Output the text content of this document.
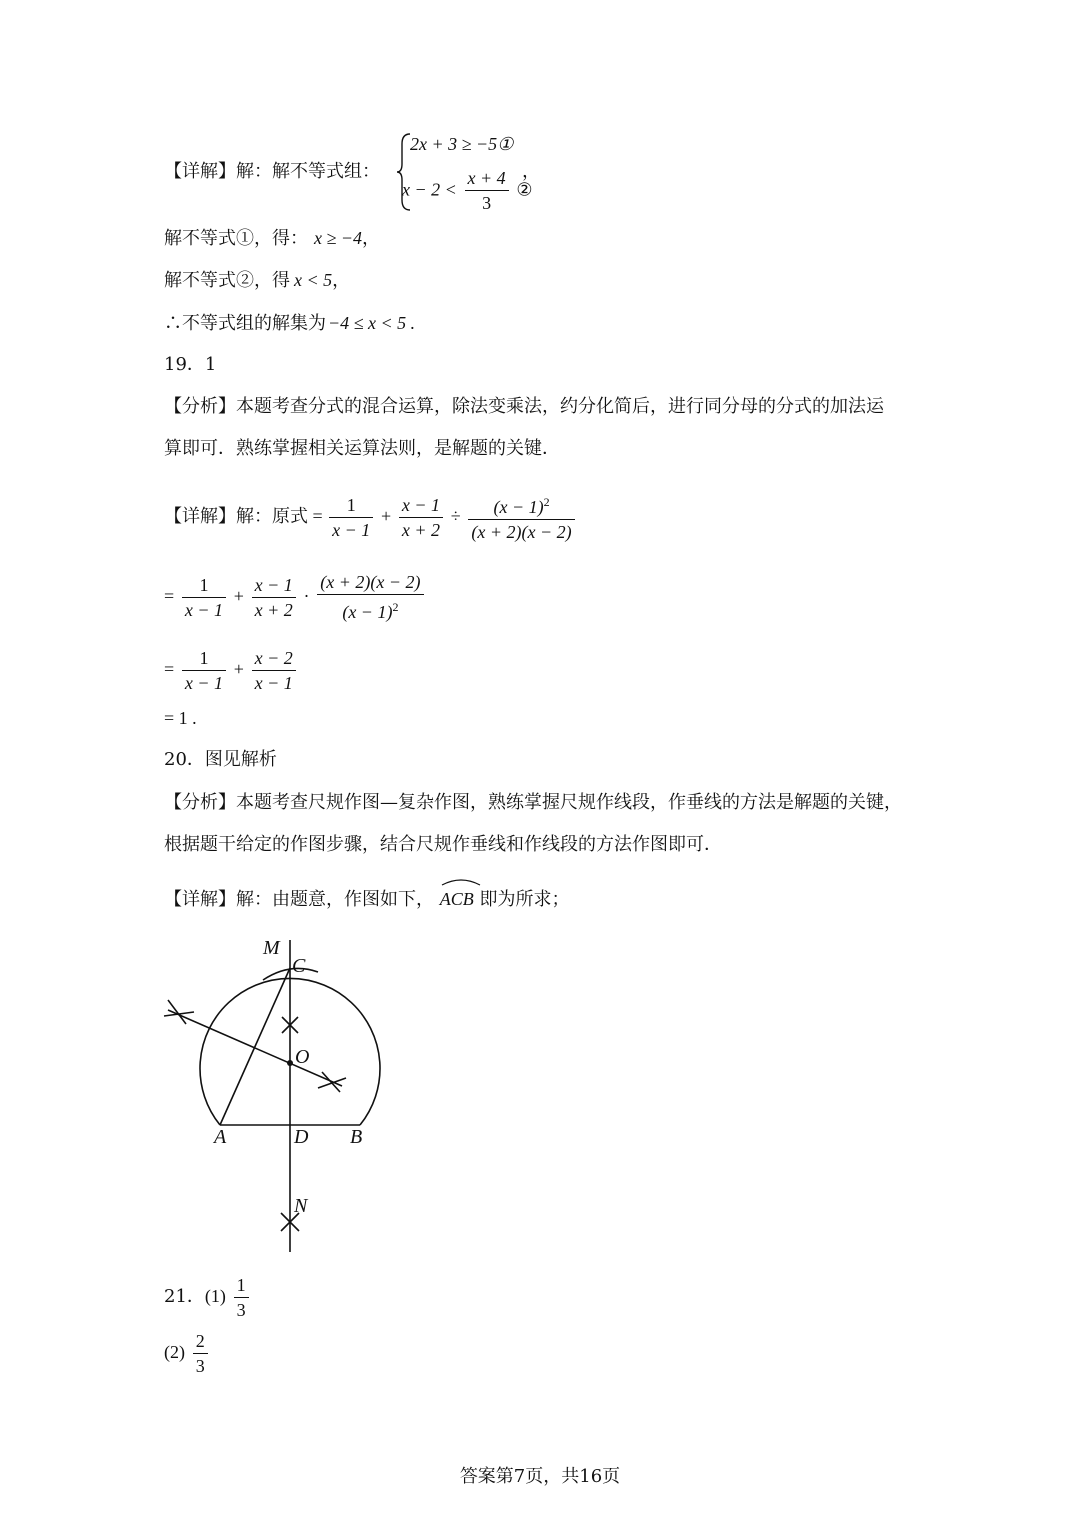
【详解】解：解不等式组：
2x + 3 ≥ −5①
$x - 2 < \frac{x + 4}{3}$ ②
，
解不等式①，得： x ≥ −4，
解不等式②，得 x < 5，
∴不等式组的解集为 −4 ≤ x < 5 .
19．1
【分析】本题考查分式的混合运算，除法变乘法，约分化简后，进行同分母的分式的加法运
算即可．熟练掌握相关运算法则，是解题的关键．
【详解】解：原式 = $\frac{1}{x - 1} + \frac{x - 1}{x + 2} \div \frac{(x - 1)^2}{(x + 2)(x - 2)}$
= $\frac{1}{x - 1} + \frac{x - 1}{x + 2} \cdot \frac{(x + 2)(x - 2)}{(x - 1)^2}$
= $\frac{1}{x - 1} + \frac{x - 2}{x - 1}$
= 1 .
20．图见解析
【分析】本题考查尺规作图—复杂作图，熟练掌握尺规作线段，作垂线的方法是解题的关键，
根据题干给定的作图步骤，结合尺规作垂线和作线段的方法作图即可．
【详解】解：由题意，作图如下， ACB 即为所求；
M
C
O
A	D B
N
21．$(1) \frac{1}{3}$
$(2) \frac{2}{3}$
答案第7页，共16页
